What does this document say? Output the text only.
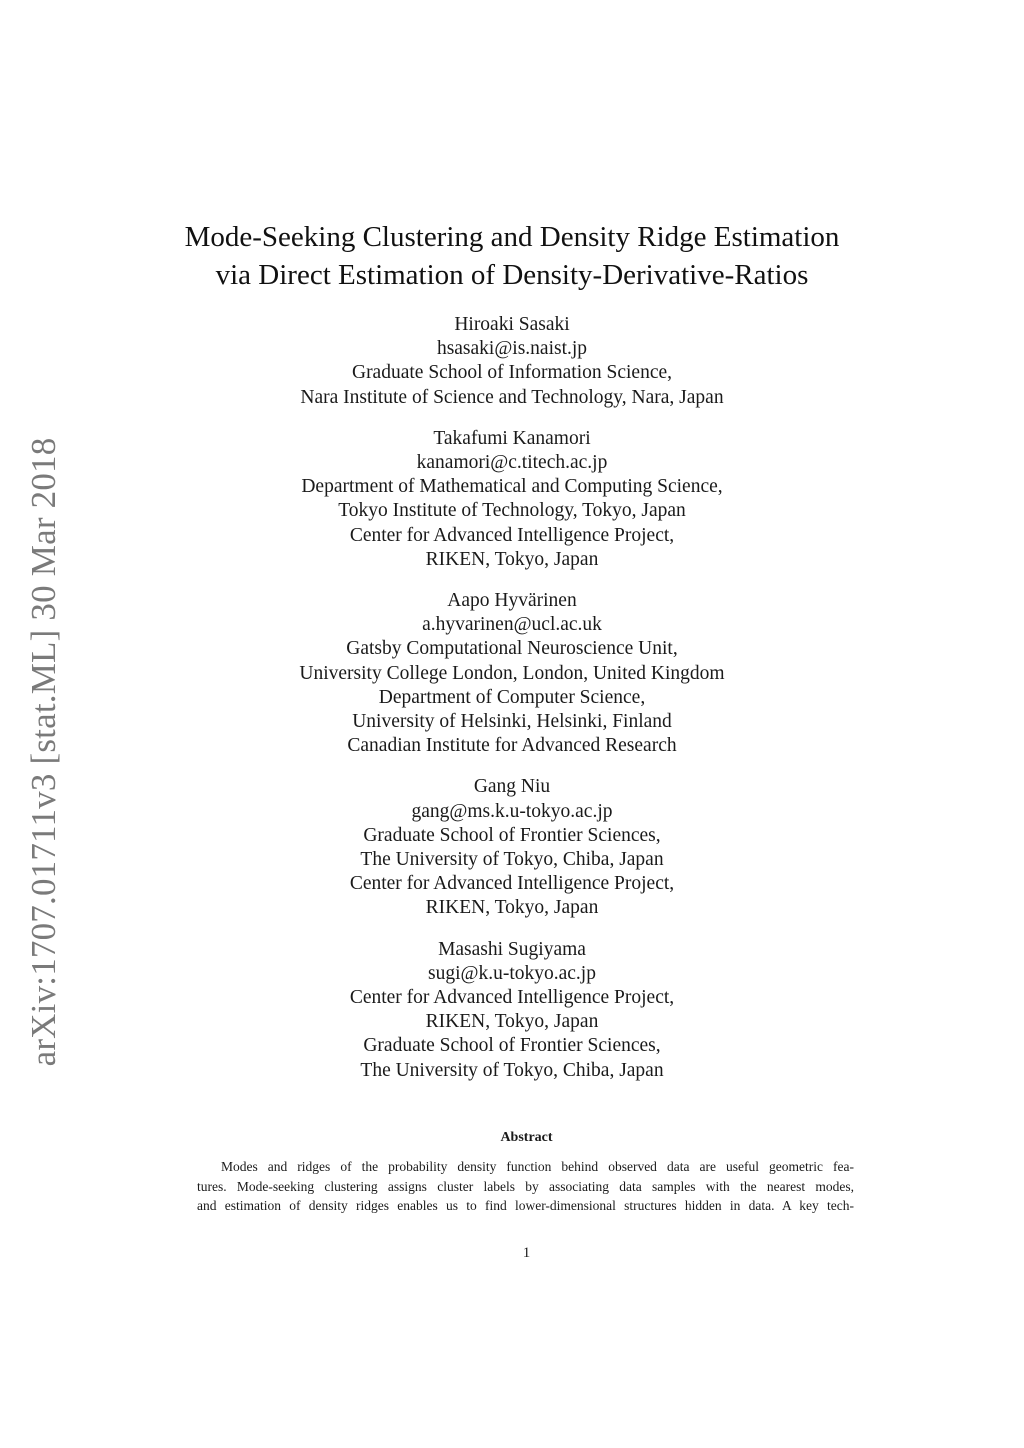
arXiv:1707.01711v3 [stat.ML] 30 Mar 2018
Mode-Seeking Clustering and Density Ridge Estimation
via Direct Estimation of Density-Derivative-Ratios
Hiroaki Sasaki
hsasaki@is.naist.jp
Graduate School of Information Science,
Nara Institute of Science and Technology, Nara, Japan
Takafumi Kanamori
kanamori@c.titech.ac.jp
Department of Mathematical and Computing Science,
Tokyo Institute of Technology, Tokyo, Japan
Center for Advanced Intelligence Project,
RIKEN, Tokyo, Japan
Aapo Hyvärinen
a.hyvarinen@ucl.ac.uk
Gatsby Computational Neuroscience Unit,
University College London, London, United Kingdom
Department of Computer Science,
University of Helsinki, Helsinki, Finland
Canadian Institute for Advanced Research
Gang Niu
gang@ms.k.u-tokyo.ac.jp
Graduate School of Frontier Sciences,
The University of Tokyo, Chiba, Japan
Center for Advanced Intelligence Project,
RIKEN, Tokyo, Japan
Masashi Sugiyama
sugi@k.u-tokyo.ac.jp
Center for Advanced Intelligence Project,
RIKEN, Tokyo, Japan
Graduate School of Frontier Sciences,
The University of Tokyo, Chiba, Japan
Abstract
Modes and ridges of the probability density function behind observed data are useful geometric fea-
tures. Mode-seeking clustering assigns cluster labels by associating data samples with the nearest modes,
and estimation of density ridges enables us to find lower-dimensional structures hidden in data. A key tech-
1
